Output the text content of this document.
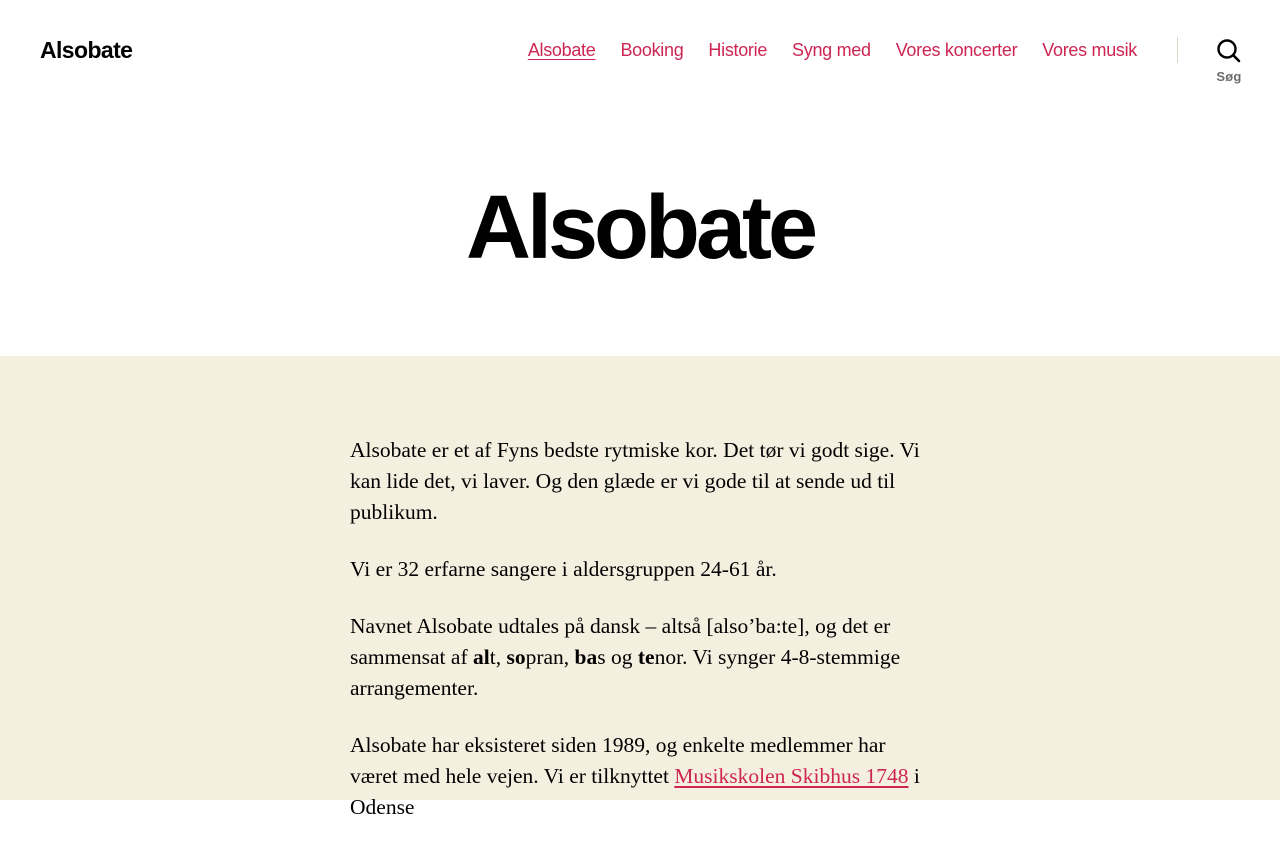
Alsobate	Alsobate Booking Historie Syng med Vores koncerter Vores musik
Søg
Alsobate

Alsobate er et af Fyns bedste rytmiske kor. Det tør vi godt sige. Vi kan lide det, vi laver. Og den glæde er vi gode til at sende ud til publikum.

Vi er 32 erfarne sangere i aldersgruppen 24-61 år.

Navnet Alsobate udtales på dansk – altså [also’ba:te], og det er sammensat af alt, sopran, bas og tenor. Vi synger 4-8-stemmige arrangementer.

Alsobate har eksisteret siden 1989, og enkelte medlemmer har været med hele vejen. Vi er tilknyttet Musikskolen Skibhus 1748 i Odense
